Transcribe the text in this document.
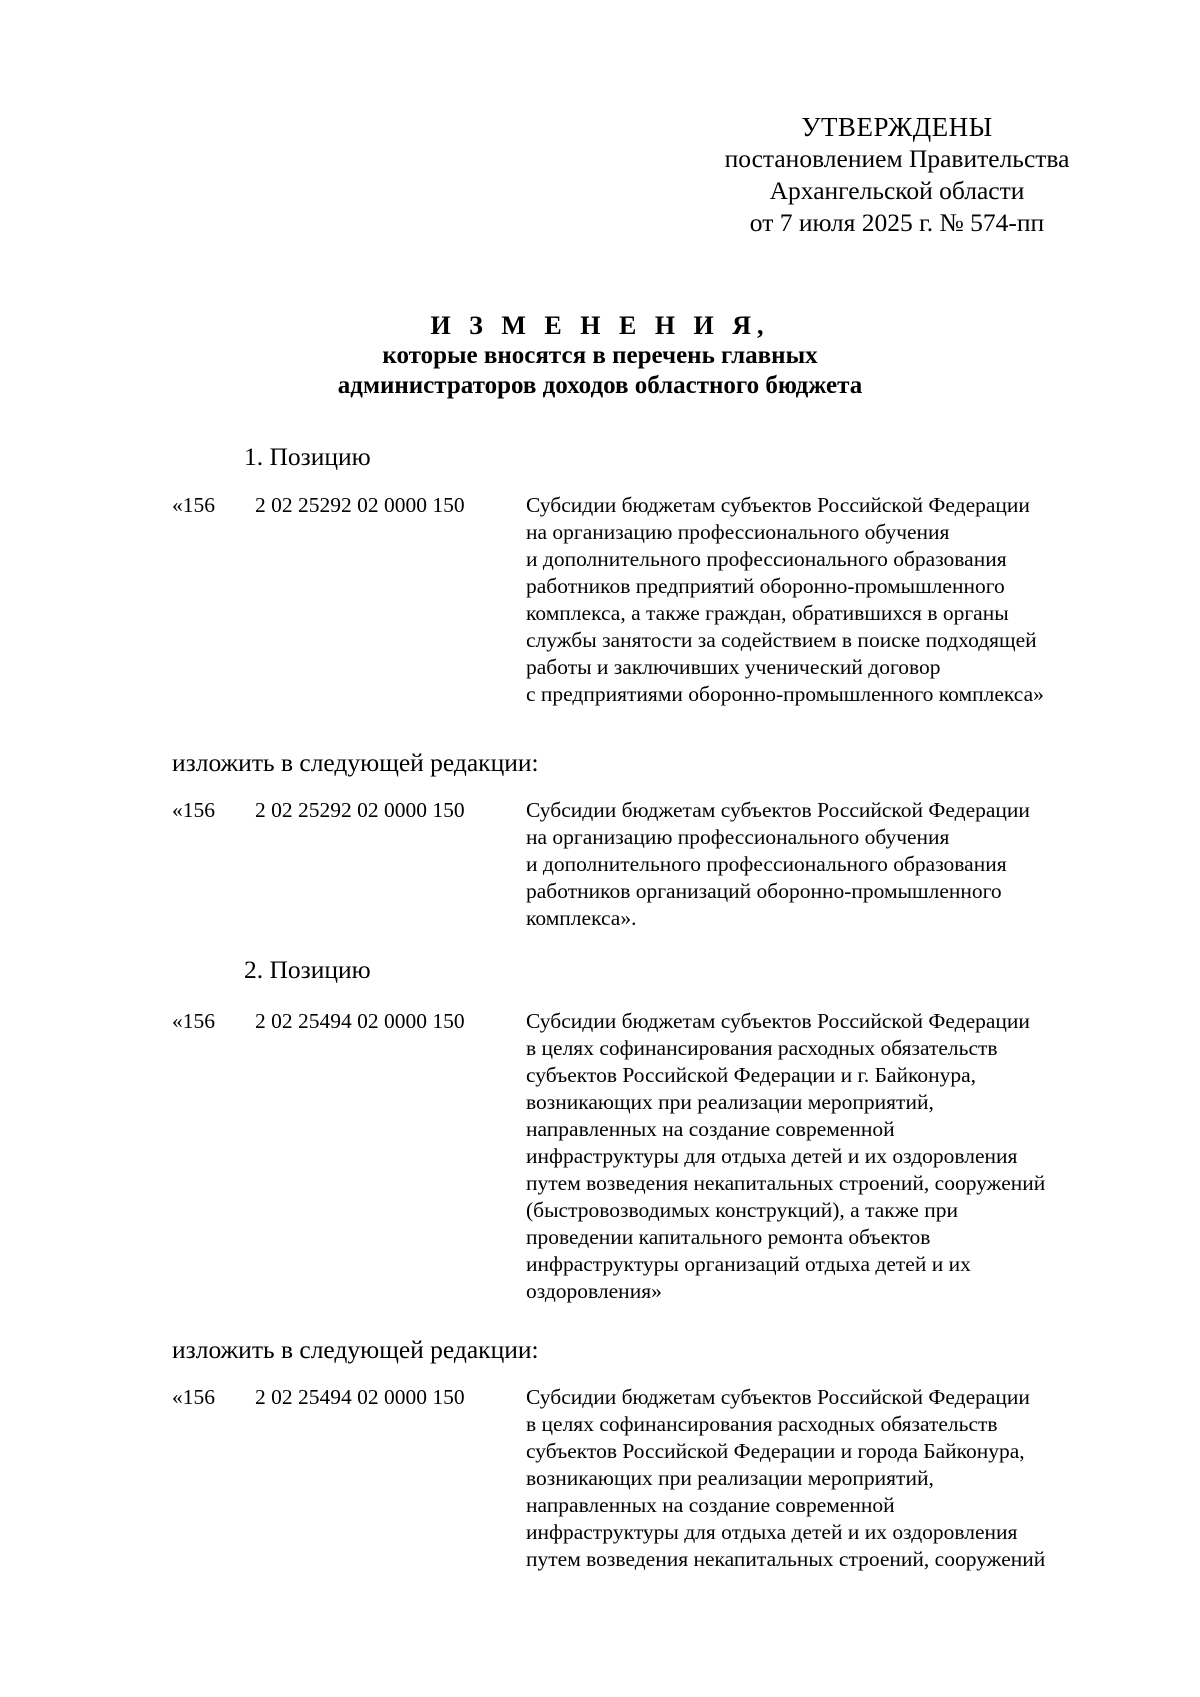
УТВЕРЖДЕНЫ
постановлением Правительства
Архангельской области
от 7 июля 2025 г. № 574-пп
И З М Е Н Е Н И Я,
которые вносятся в перечень главных
администраторов доходов областного бюджета
1. Позицию
«156 2 02 25292 02 0000 150	Субсидии бюджетам субъектов Российской Федерации
на организацию профессионального обучения
и дополнительного профессионального образования
работников предприятий оборонно-промышленного
комплекса, а также граждан, обратившихся в органы
службы занятости за содействием в поиске подходящей
работы и заключивших ученический договор
с предприятиями оборонно-промышленного комплекса»
изложить в следующей редакции:
«156 2 02 25292 02 0000 150	Субсидии бюджетам субъектов Российской Федерации
на организацию профессионального обучения
и дополнительного профессионального образования
работников организаций оборонно-промышленного
комплекса».
2. Позицию
«156 2 02 25494 02 0000 150	Субсидии бюджетам субъектов Российской Федерации
в целях софинансирования расходных обязательств
субъектов Российской Федерации и г. Байконура,
возникающих при реализации мероприятий,
направленных на создание современной
инфраструктуры для отдыха детей и их оздоровления
путем возведения некапитальных строений, сооружений
(быстровозводимых конструкций), а также при
проведении капитального ремонта объектов
инфраструктуры организаций отдыха детей и их
оздоровления»
изложить в следующей редакции:
«156 2 02 25494 02 0000 150	Субсидии бюджетам субъектов Российской Федерации
в целях софинансирования расходных обязательств
субъектов Российской Федерации и города Байконура,
возникающих при реализации мероприятий,
направленных на создание современной
инфраструктуры для отдыха детей и их оздоровления
путем возведения некапитальных строений, сооружений
